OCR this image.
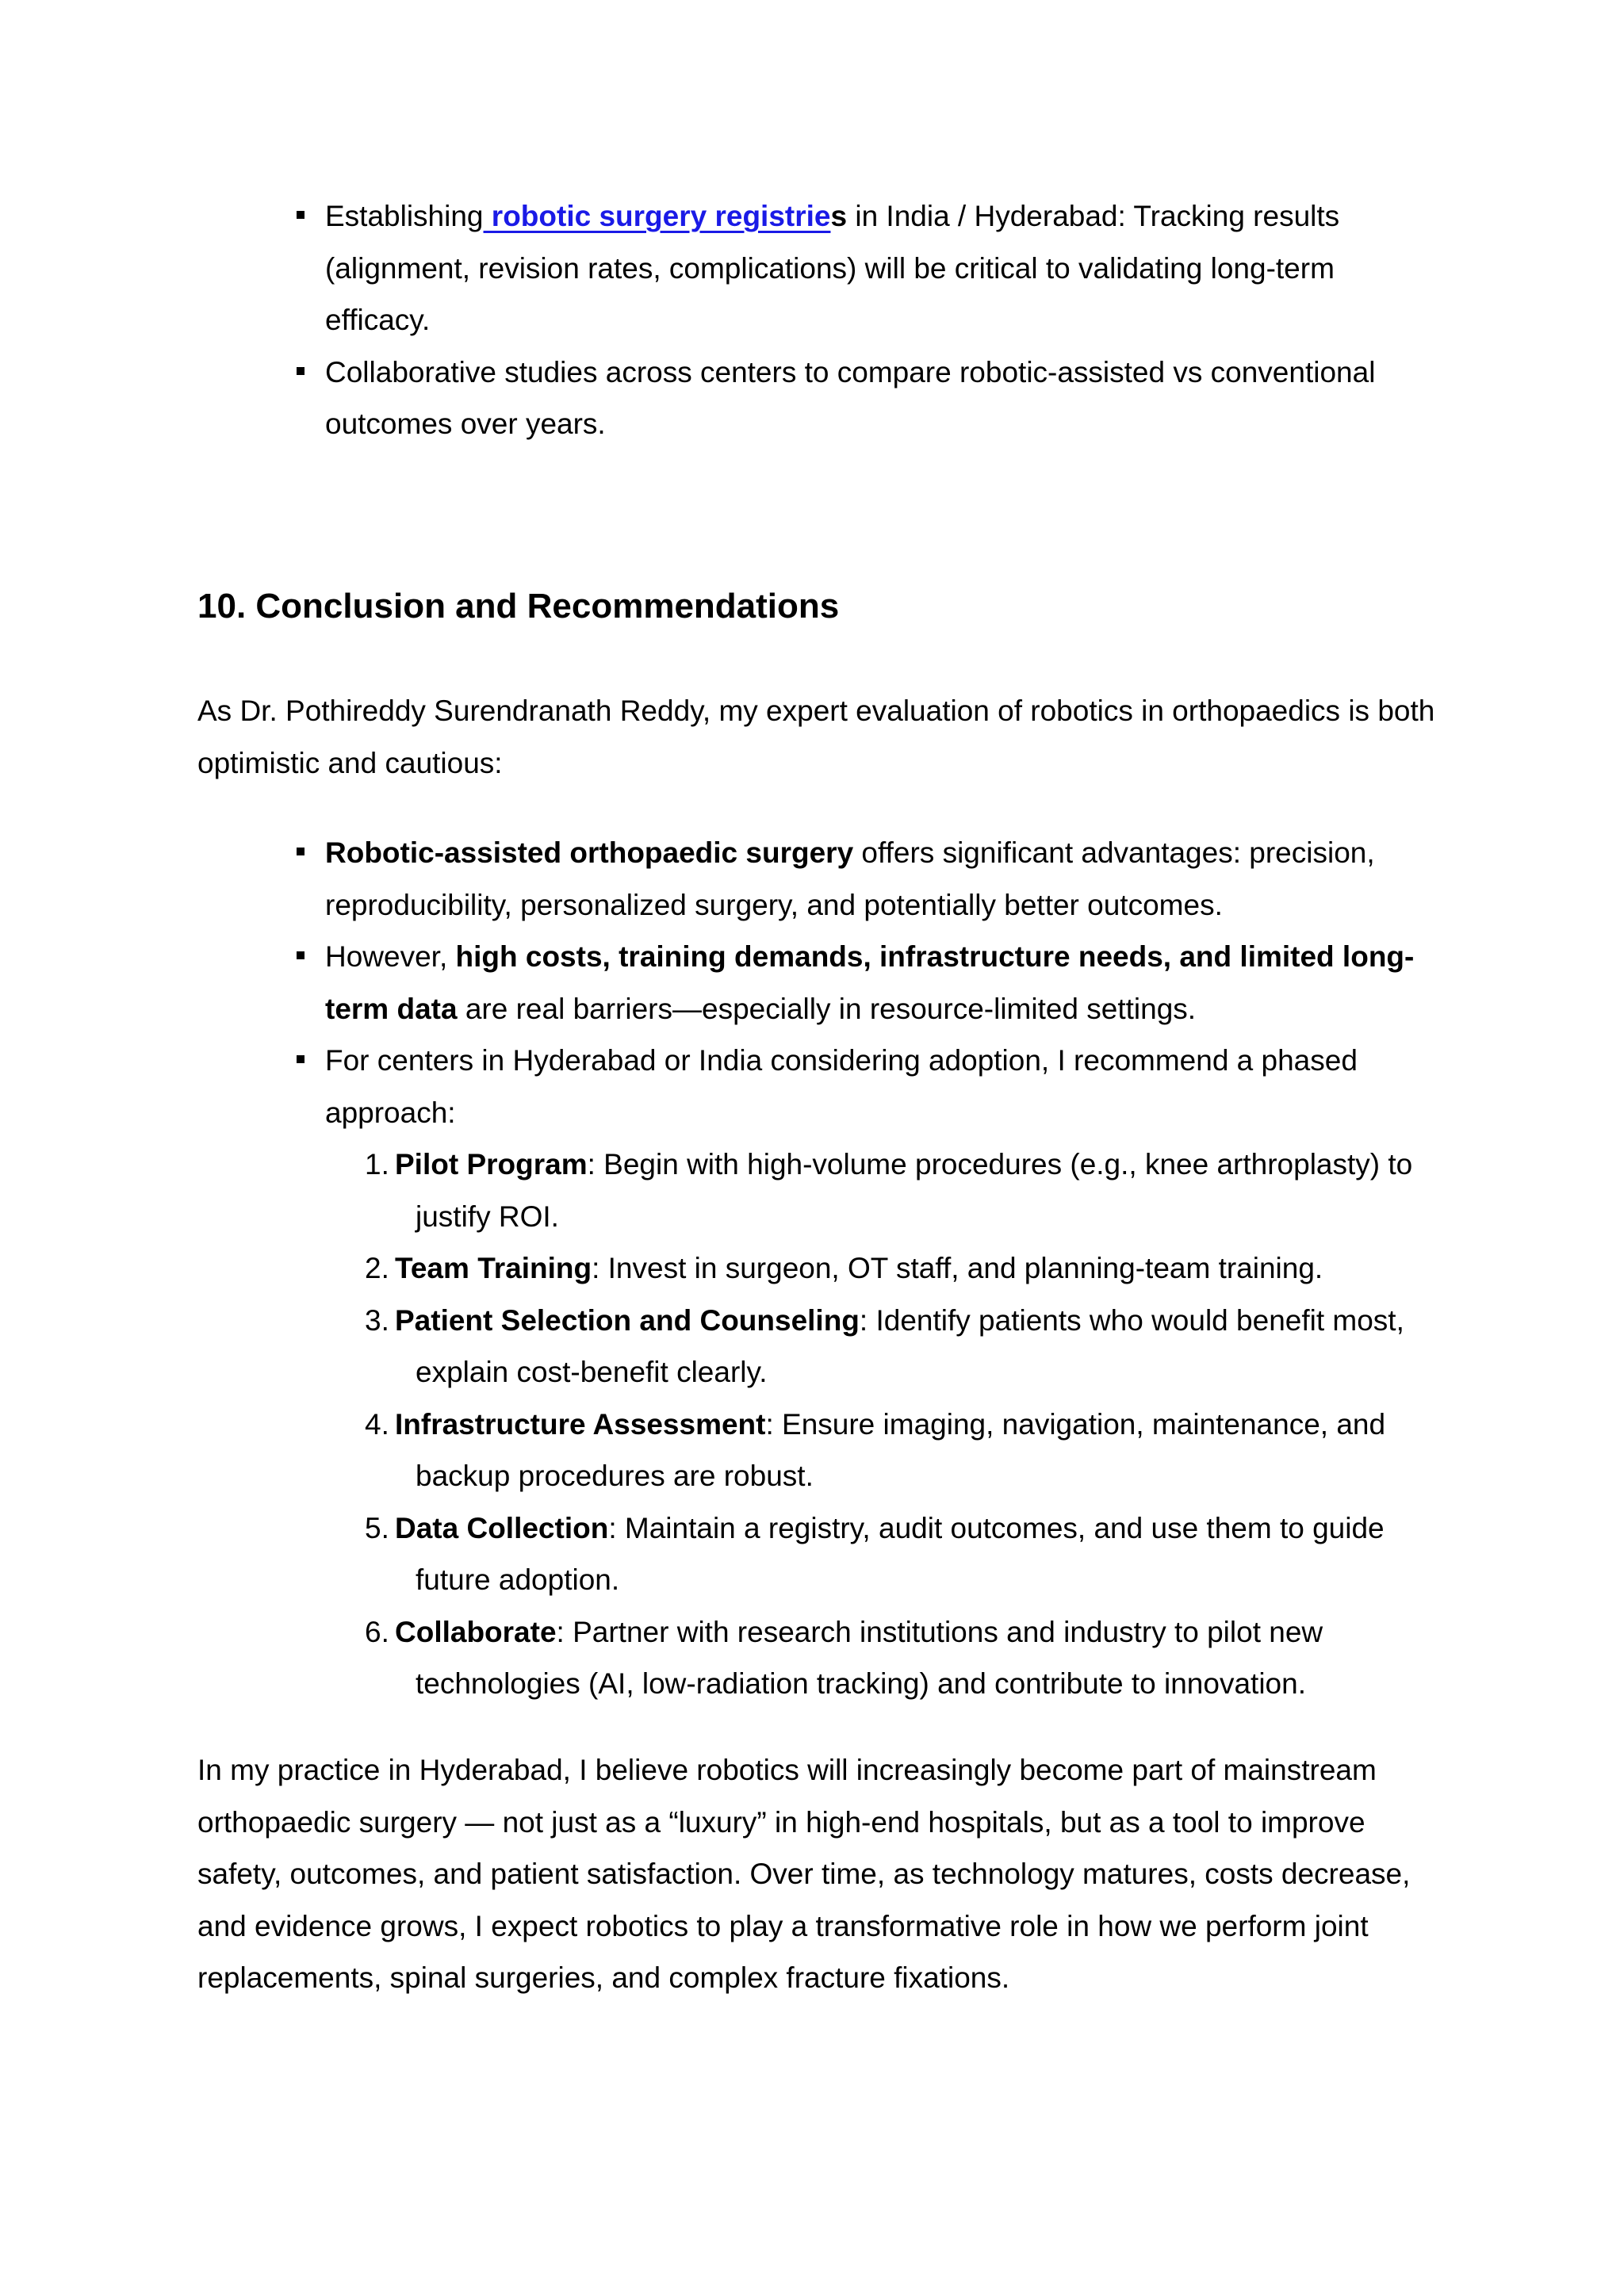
Establishing robotic surgery registries in India / Hyderabad: Tracking results (alignment, revision rates, complications) will be critical to validating long-term efficacy.
Collaborative studies across centers to compare robotic-assisted vs conventional outcomes over years.
10. Conclusion and Recommendations

As Dr. Pothireddy Surendranath Reddy, my expert evaluation of robotics in orthopaedics is both optimistic and cautious:

Robotic-assisted orthopaedic surgery offers significant advantages: precision, reproducibility, personalized surgery, and potentially better outcomes.
However, high costs, training demands, infrastructure needs, and limited long-term data are real barriers—especially in resource-limited settings.
For centers in Hyderabad or India considering adoption, I recommend a phased approach:
1. Pilot Program: Begin with high-volume procedures (e.g., knee arthroplasty) to justify ROI.
2. Team Training: Invest in surgeon, OT staff, and planning-team training.
3. Patient Selection and Counseling: Identify patients who would benefit most, explain cost-benefit clearly.
4. Infrastructure Assessment: Ensure imaging, navigation, maintenance, and backup procedures are robust.
5. Data Collection: Maintain a registry, audit outcomes, and use them to guide future adoption.
6. Collaborate: Partner with research institutions and industry to pilot new technologies (AI, low-radiation tracking) and contribute to innovation.

In my practice in Hyderabad, I believe robotics will increasingly become part of mainstream orthopaedic surgery — not just as a “luxury” in high-end hospitals, but as a tool to improve safety, outcomes, and patient satisfaction. Over time, as technology matures, costs decrease, and evidence grows, I expect robotics to play a transformative role in how we perform joint replacements, spinal surgeries, and complex fracture fixations.
